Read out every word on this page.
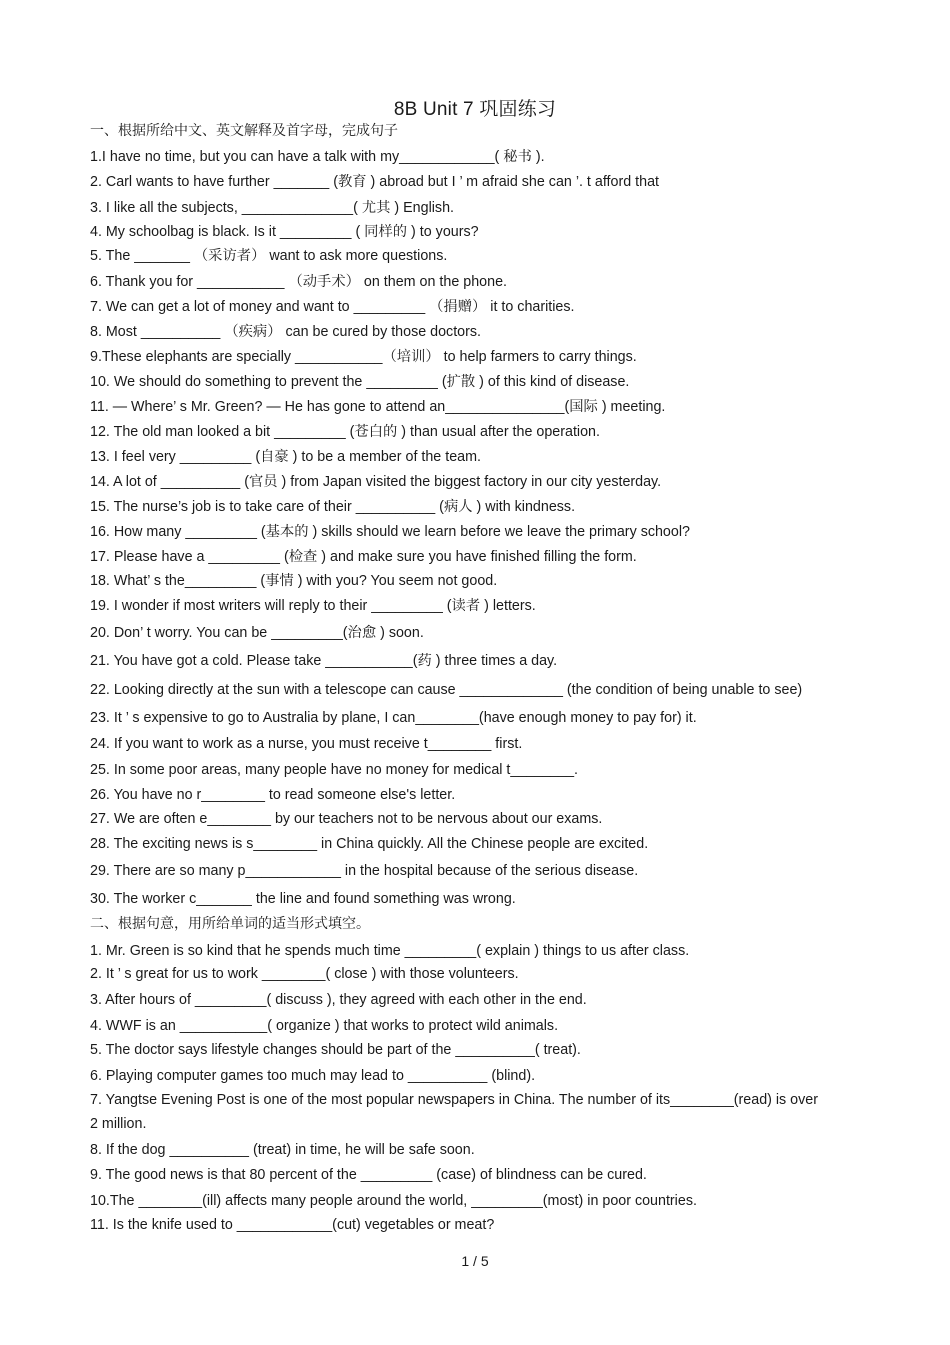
8B Unit 7 巩固练习
一、根据所给中文、英文解释及首字母，完成句子
1.I have no time, but you can have a talk with my____________( 秘书 ).
2. Carl wants to have further _______ (教育 ) abroad but I ’ m afraid she can ’. t afford that
3. I like all the subjects, ______________( 尤其 ) English.
4. My schoolbag is black. Is it _________ ( 同样的 ) to yours?
5. The _______ （采访者） want to ask more questions.
6. Thank you for ___________ （动手术） on them on the phone.
7. We can get a lot of money and want to _________ （捐赠） it to charities.
8. Most __________ （疾病） can be cured by those doctors.
9.These elephants are specially ___________（培训） to help farmers to carry things.
10. We should do something to prevent the _________ (扩散 ) of this kind of disease.
11. — Where’ s Mr. Green? — He has gone to attend an_______________(国际 ) meeting.
12. The old man looked a bit _________ (苍白的 ) than usual after the operation.
13. I feel very _________ (自豪 ) to be a member of the team.
14. A lot of __________ (官员 ) from Japan visited the biggest factory in our city yesterday.
15. The nurse’s job is to take care of their __________ (病人 ) with kindness.
16. How many _________ (基本的 ) skills should we learn before we leave the primary school?
17. Please have a _________ (检查 ) and make sure you have finished filling the form.
18. What’ s the_________ (事情 ) with you? You seem not good.
19. I wonder if most writers will reply to their _________ (读者 ) letters.
20. Don’ t worry. You can be _________(治愈 ) soon.
21. You have got a cold. Please take ___________(药 ) three times a day.
22. Looking directly at the sun with a telescope can cause _____________ (the condition of being unable to see)
23. It ’ s expensive to go to Australia by plane, I can________(have enough money to pay for) it.
24. If you want to work as a nurse, you must receive t________ first.
25. In some poor areas, many people have no money for medical t________.
26. You have no r________ to read someone else's letter.
27. We are often e________ by our teachers not to be nervous about our exams.
28. The exciting news is s________ in China quickly. All the Chinese people are excited.
29. There are so many p____________ in the hospital because of the serious disease.
30. The worker c_______ the line and found something was wrong.
二、根据句意，用所给单词的适当形式填空。
1. Mr. Green is so kind that he spends much time _________( explain ) things to us after class.
2. It ’ s great for us to work ________( close ) with those volunteers.
3. After hours of _________( discuss ), they agreed with each other in the end.
4. WWF is an ___________( organize ) that works to protect wild animals.
5. The doctor says lifestyle changes should be part of the __________( treat).
6. Playing computer games too much may lead to __________ (blind).
7. Yangtse Evening Post is one of the most popular newspapers in China. The number of its________(read) is over
2 million.
8. If the dog __________ (treat) in time, he will be safe soon.
9. The good news is that 80 percent of the _________ (case) of blindness can be cured.
10.The ________(ill) affects many people around the world, _________(most) in poor countries.
11. Is the knife used to ____________(cut) vegetables or meat?
1 / 5
